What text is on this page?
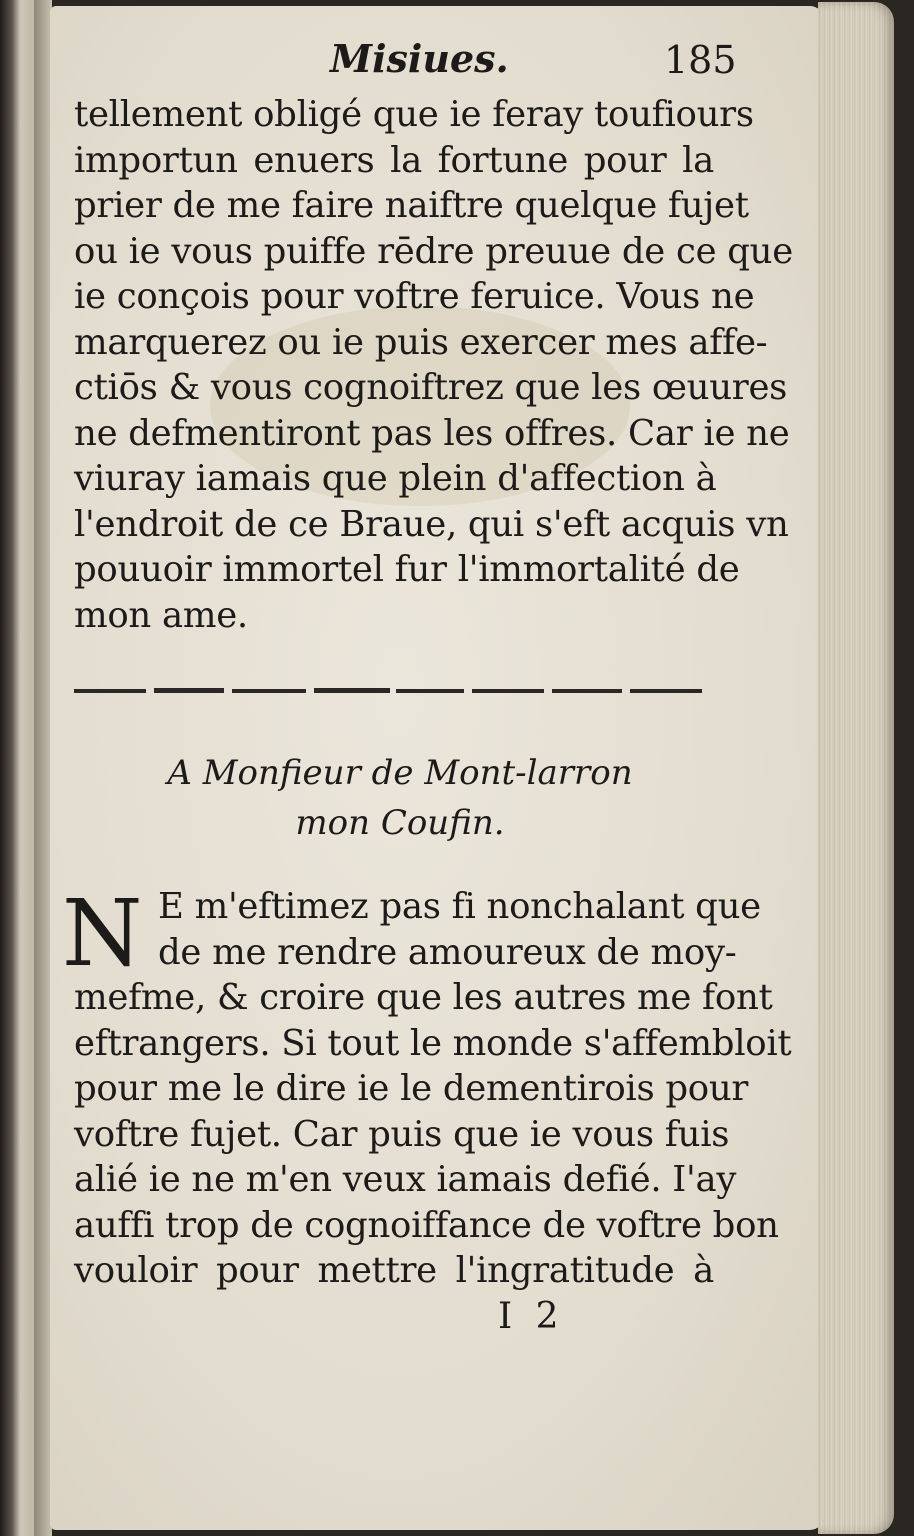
Misiues.	185
tellement obligé que ie feray toufiours
importun enuers la fortune pour la
prier de me faire naiftre quelque fujet
ou ie vous puiffe rēdre preuue de ce que
ie conçois pour voftre feruice. Vous ne
marquerez ou ie puis exercer mes affe-
ctiōs & vous cognoiftrez que les œuures
ne defmentiront pas les offres. Car ie ne
viuray iamais que plein d'affection à
l'endroit de ce Braue, qui s'eft acquis vn
pouuoir immortel fur l'immortalité de
mon ame.
A Monfieur de Mont-larron
mon Coufin.
N E m'eftimez pas fi nonchalant que
de me rendre amoureux de moy-
mefme, & croire que les autres me font
eftrangers. Si tout le monde s'affembloit
pour me le dire ie le dementirois pour
voftre fujet. Car puis que ie vous fuis
alié ie ne m'en veux iamais defié. I'ay
auffi trop de cognoiffance de voftre bon
vouloir pour mettre l'ingratitude à
I 2
